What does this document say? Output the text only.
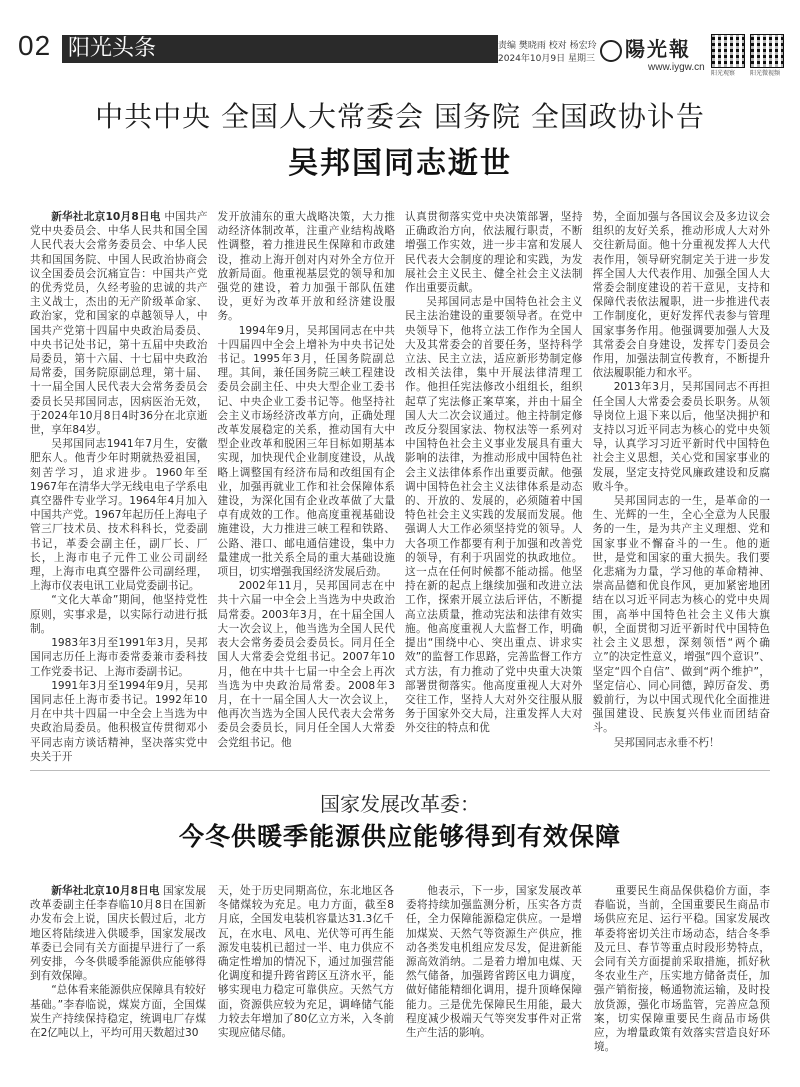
02 阳光头条	责编 樊晓雨 校对 杨宏玲
2024年10月9日 星期三	陽光報
www.iygw.cn
阳光观察 阳光微视频
中共中央 全国人大常委会 国务院 全国政协讣告
吴邦国同志逝世

新华社北京10月8日电 中国共产党中央委员会、中华人民共和国全国人民代表大会常务委员会、中华人民共和国国务院、中国人民政治协商会议全国委员会沉痛宣告：中国共产党的优秀党员，久经考验的忠诚的共产主义战士，杰出的无产阶级革命家、政治家，党和国家的卓越领导人，中国共产党第十四届中央政治局委员、中央书记处书记，第十五届中央政治局委员，第十六届、十七届中央政治局常委，国务院原副总理，第十届、十一届全国人民代表大会常务委员会委员长吴邦国同志，因病医治无效，于2024年10月8日4时36分在北京逝世，享年84岁。

吴邦国同志1941年7月生，安徽肥东人。他青少年时期就热爱祖国，刻苦学习，追求进步。1960年至1967年在清华大学无线电电子学系电真空器件专业学习。1964年4月加入中国共产党。1967年起历任上海电子管三厂技术员、技术科科长，党委副书记，革委会副主任，副厂长、厂长，上海市电子元件工业公司副经理，上海市电真空器件公司副经理，上海市仪表电讯工业局党委副书记。

“文化大革命”期间，他坚持党性原则，实事求是，以实际行动进行抵制。

1983年3月至1991年3月，吴邦国同志历任上海市委常委兼市委科技工作党委书记、上海市委副书记。

1991年3月至1994年9月，吴邦国同志任上海市委书记。1992年10月在中共十四届一中全会上当选为中央政治局委员。他积极宣传贯彻邓小平同志南方谈话精神，坚决落实党中央关于开

发开放浦东的重大战略决策，大力推动经济体制改革，注重产业结构战略性调整，着力推进民生保障和市政建设，推动上海开创对内对外全方位开放新局面。他重视基层党的领导和加强党的建设，着力加强干部队伍建设，更好为改革开放和经济建设服务。

1994年9月，吴邦国同志在中共十四届四中全会上增补为中央书记处书记。1995年3月，任国务院副总理。其间，兼任国务院三峡工程建设委员会副主任、中央大型企业工委书记、中央企业工委书记等。他坚持社会主义市场经济改革方向，正确处理改革发展稳定的关系，推动国有大中型企业改革和脱困三年目标如期基本实现，加快现代企业制度建设，从战略上调整国有经济布局和改组国有企业，加强再就业工作和社会保障体系建设，为深化国有企业改革做了大量卓有成效的工作。他高度重视基础设施建设，大力推进三峡工程和铁路、公路、港口、邮电通信建设，集中力量建成一批关系全局的重大基础设施项目，切实增强我国经济发展后劲。

2002年11月，吴邦国同志在中共十六届一中全会上当选为中央政治局常委。2003年3月，在十届全国人大一次会议上，他当选为全国人民代表大会常务委员会委员长。同月任全国人大常委会党组书记。2007年10月，他在中共十七届一中全会上再次当选为中央政治局常委。2008年3月，在十一届全国人大一次会议上，他再次当选为全国人民代表大会常务委员会委员长，同月任全国人大常委会党组书记。他

认真贯彻落实党中央决策部署，坚持正确政治方向，依法履行职责，不断增强工作实效，进一步丰富和发展人民代表大会制度的理论和实践，为发展社会主义民主、健全社会主义法制作出重要贡献。

吴邦国同志是中国特色社会主义民主法治建设的重要领导者。在党中央领导下，他将立法工作作为全国人大及其常委会的首要任务，坚持科学立法、民主立法，适应新形势制定修改相关法律，集中开展法律清理工作。他担任宪法修改小组组长，组织起草了宪法修正案草案，并由十届全国人大二次会议通过。他主持制定修改反分裂国家法、物权法等一系列对中国特色社会主义事业发展具有重大影响的法律，为推动形成中国特色社会主义法律体系作出重要贡献。他强调中国特色社会主义法律体系是动态的、开放的、发展的，必须随着中国特色社会主义实践的发展而发展。他强调人大工作必须坚持党的领导。人大各项工作都要有利于加强和改善党的领导，有利于巩固党的执政地位。这一点在任何时候都不能动摇。他坚持在新的起点上继续加强和改进立法工作，探索开展立法后评估，不断提高立法质量，推动宪法和法律有效实施。他高度重视人大监督工作，明确提出“围绕中心、突出重点、讲求实效”的监督工作思路，完善监督工作方式方法，有力推动了党中央重大决策部署贯彻落实。他高度重视人大对外交往工作，坚持人大对外交往服从服务于国家外交大局，注重发挥人大对外交往的特点和优

势，全面加强与各国议会及多边议会组织的友好关系，推动形成人大对外交往新局面。他十分重视发挥人大代表作用，领导研究制定关于进一步发挥全国人大代表作用、加强全国人大常委会制度建设的若干意见，支持和保障代表依法履职，进一步推进代表工作制度化，更好发挥代表参与管理国家事务作用。他强调要加强人大及其常委会自身建设，发挥专门委员会作用，加强法制宣传教育，不断提升依法履职能力和水平。

2013年3月，吴邦国同志不再担任全国人大常委会委员长职务。从领导岗位上退下来以后，他坚决拥护和支持以习近平同志为核心的党中央领导，认真学习习近平新时代中国特色社会主义思想，关心党和国家事业的发展，坚定支持党风廉政建设和反腐败斗争。

吴邦国同志的一生，是革命的一生、光辉的一生，全心全意为人民服务的一生，是为共产主义理想、党和国家事业不懈奋斗的一生。他的逝世，是党和国家的重大损失。我们要化悲痛为力量，学习他的革命精神、崇高品德和优良作风，更加紧密地团结在以习近平同志为核心的党中央周围，高举中国特色社会主义伟大旗帜，全面贯彻习近平新时代中国特色社会主义思想，深刻领悟“两个确立”的决定性意义，增强“四个意识”、坚定“四个自信”、做到“两个维护”，坚定信心、同心同德，踔厉奋发、勇毅前行，为以中国式现代化全面推进强国建设、民族复兴伟业而团结奋斗。

吴邦国同志永垂不朽！

国家发展改革委：
今冬供暖季能源供应能够得到有效保障

新华社北京10月8日电 国家发展改革委副主任李春临10月8日在国新办发布会上说，国庆长假过后，北方地区将陆续进入供暖季，国家发展改革委已会同有关方面提早进行了一系列安排，今冬供暖季能源供应能够得到有效保障。

“总体看来能源供应保障具有较好基础。”李春临说，煤炭方面，全国煤炭生产持续保持稳定，统调电厂存煤在2亿吨以上，平均可用天数超过30

天，处于历史同期高位，东北地区各冬储煤较为充足。电力方面，截至8月底，全国发电装机容量达31.3亿千瓦，在水电、风电、光伏等可再生能源发电装机已超过一半、电力供应不确定性增加的情况下，通过加强营能化调度和提升跨省跨区互济水平，能够实现电力稳定可靠供应。天然气方面，资源供应较为充足，调峰储气能力较去年增加了80亿立方米，入冬前实现应储尽储。

他表示，下一步，国家发展改革委将持续加强监测分析，压实各方责任，全力保障能源稳定供应。一是增加煤炭、天然气等资源生产供应，推动各类发电机组应发尽发，促进新能源高效消纳。二是着力增加电煤、天然气储备，加强跨省跨区电力调度，做好储能精细化调用，提升顶峰保障能力。三是优先保障民生用能，最大程度减少极端天气等突发事件对正常生产生活的影响。

重要民生商品保供稳价方面，李春临说，当前，全国重要民生商品市场供应充足、运行平稳。国家发展改革委将密切关注市场动态，结合冬季及元旦、春节等重点时段形势特点，会同有关方面提前采取措施，抓好秋冬农业生产，压实地方储备责任，加强产销衔接，畅通物流运输，及时投放货源，强化市场监管，完善应急预案，切实保障重要民生商品市场供应，为增量政策有效落实营造良好环境。
